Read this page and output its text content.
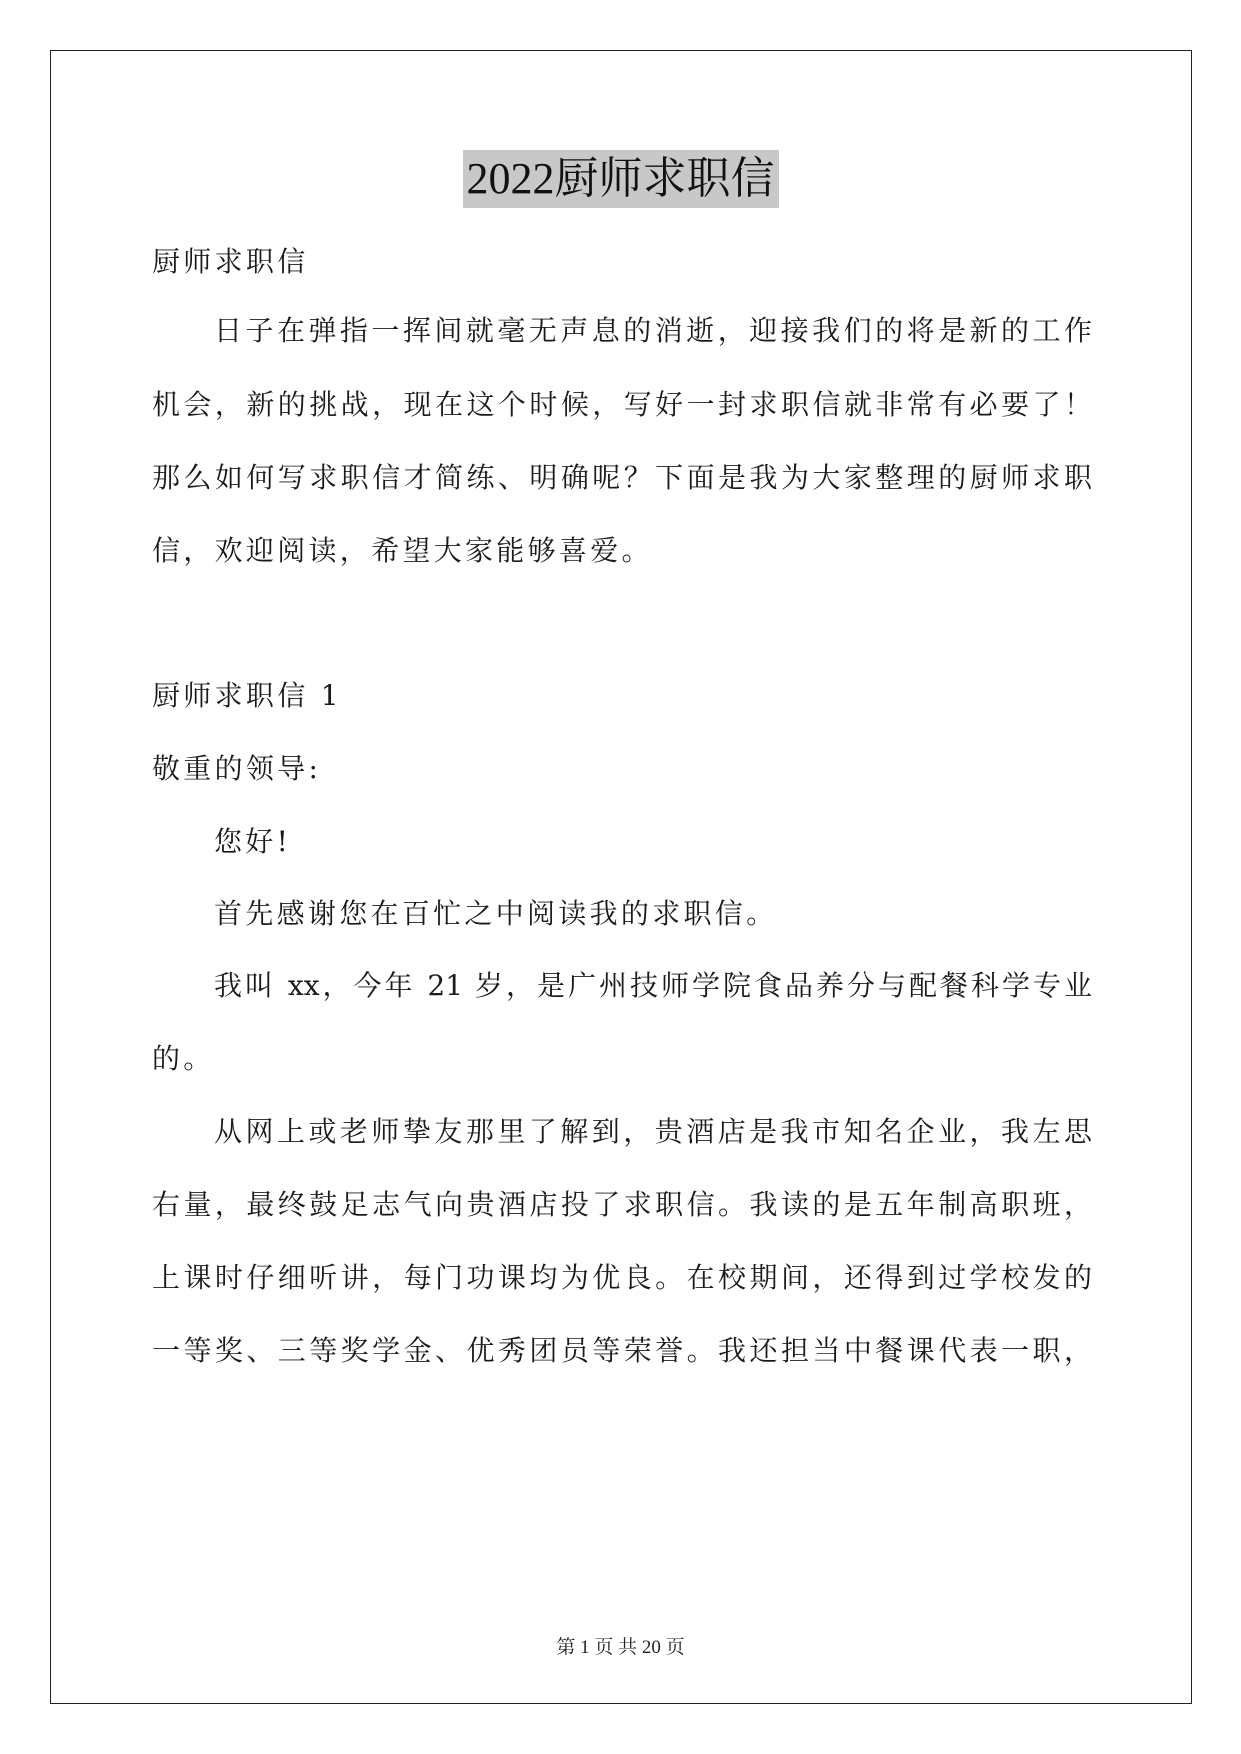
2022厨师求职信
厨师求职信
日子在弹指一挥间就毫无声息的消逝，迎接我们的将是新的工作
机会，新的挑战，现在这个时候，写好一封求职信就非常有必要了！
那么如何写求职信才简练、明确呢？下面是我为大家整理的厨师求职
信，欢迎阅读，希望大家能够喜爱。
厨师求职信 1
敬重的领导:
您好!
首先感谢您在百忙之中阅读我的求职信。
我叫 xx，今年 21 岁，是广州技师学院食品养分与配餐科学专业
的。
从网上或老师挚友那里了解到，贵酒店是我市知名企业，我左思
右量，最终鼓足志气向贵酒店投了求职信。我读的是五年制高职班，
上课时仔细听讲，每门功课均为优良。在校期间，还得到过学校发的
一等奖、三等奖学金、优秀团员等荣誉。我还担当中餐课代表一职，
第 1 页 共 20 页
